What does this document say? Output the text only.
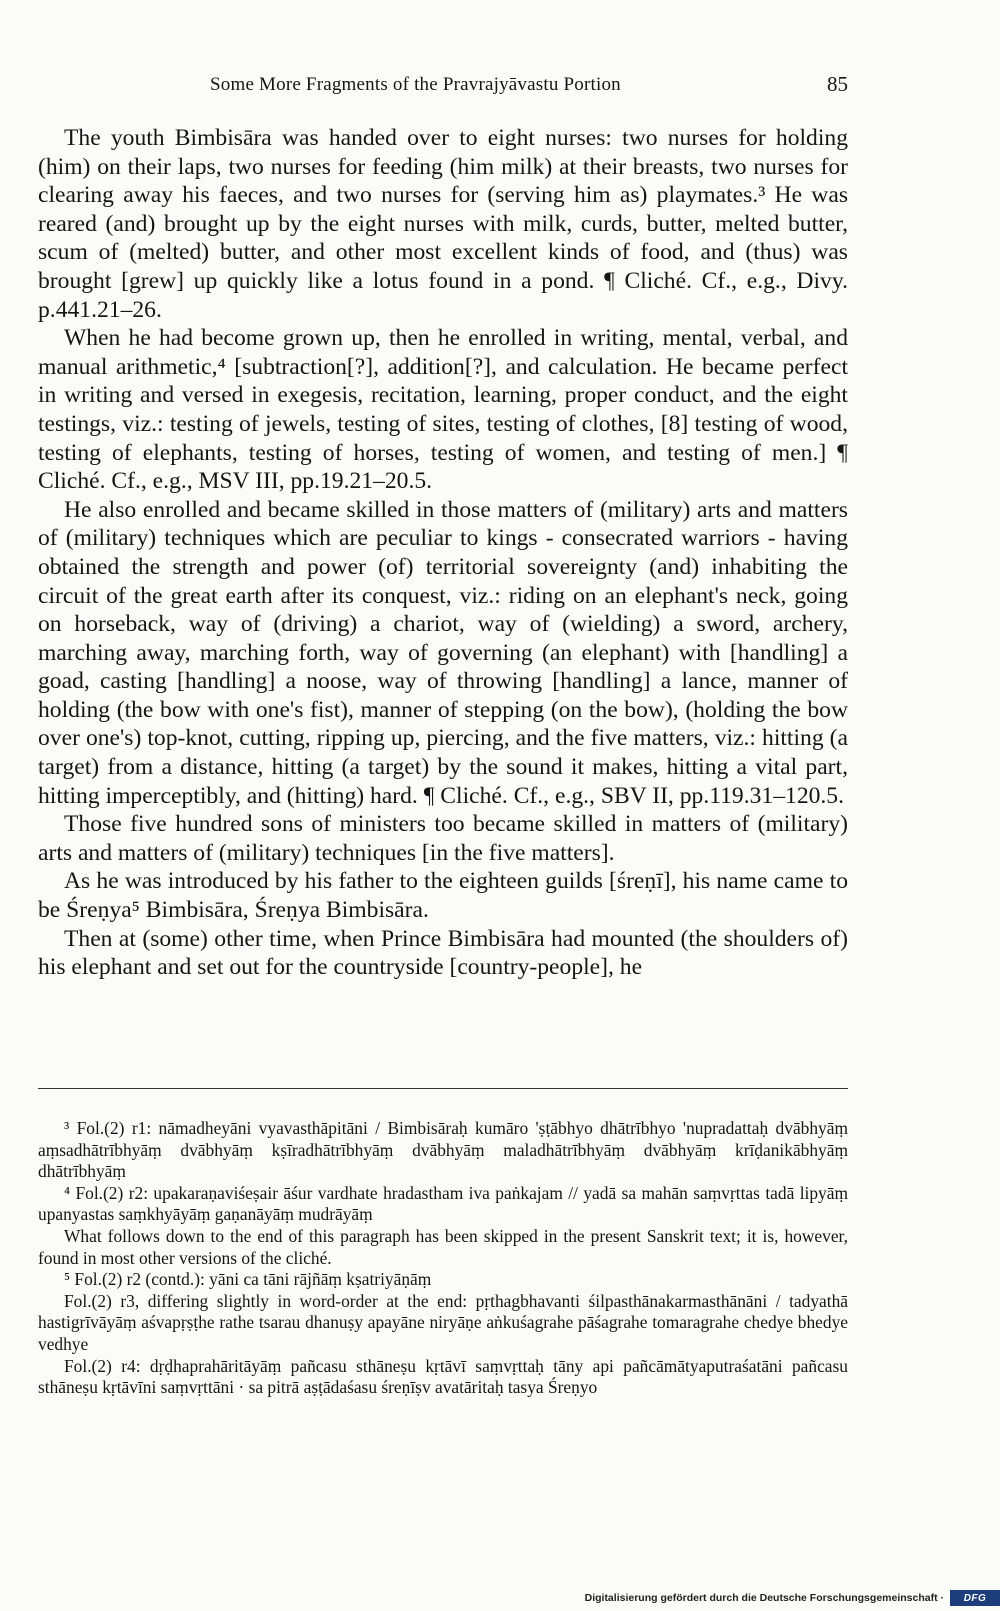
Some More Fragments of the Pravrajyāvastu Portion	85

The youth Bimbisāra was handed over to eight nurses: two nurses for holding (him) on their laps, two nurses for feeding (him milk) at their breasts, two nurses for clearing away his faeces, and two nurses for (serving him as) playmates.³ He was reared (and) brought up by the eight nurses with milk, curds, butter, melted butter, scum of (melted) butter, and other most excellent kinds of food, and (thus) was brought [grew] up quickly like a lotus found in a pond. ¶ Cliché. Cf., e.g., Divy. p.441.21–26.

When he had become grown up, then he enrolled in writing, mental, verbal, and manual arithmetic,⁴ [subtraction[?], addition[?], and calculation. He became perfect in writing and versed in exegesis, recitation, learning, proper conduct, and the eight testings, viz.: testing of jewels, testing of sites, testing of clothes, [8] testing of wood, testing of elephants, testing of horses, testing of women, and testing of men.] ¶ Cliché. Cf., e.g., MSV III, pp.19.21–20.5.

He also enrolled and became skilled in those matters of (military) arts and matters of (military) techniques which are peculiar to kings - consecrated warriors - having obtained the strength and power (of) territorial sovereignty (and) inhabiting the circuit of the great earth after its conquest, viz.: riding on an elephant's neck, going on horseback, way of (driving) a chariot, way of (wielding) a sword, archery, marching away, marching forth, way of governing (an elephant) with [handling] a goad, casting [handling] a noose, way of throwing [handling] a lance, manner of holding (the bow with one's fist), manner of stepping (on the bow), (holding the bow over one's) top-knot, cutting, ripping up, piercing, and the five matters, viz.: hitting (a target) from a distance, hitting (a target) by the sound it makes, hitting a vital part, hitting imperceptibly, and (hitting) hard. ¶ Cliché. Cf., e.g., SBV II, pp.119.31–120.5.

Those five hundred sons of ministers too became skilled in matters of (military) arts and matters of (military) techniques [in the five matters].

As he was introduced by his father to the eighteen guilds [śreṇī], his name came to be Śreṇya⁵ Bimbisāra, Śreṇya Bimbisāra.

Then at (some) other time, when Prince Bimbisāra had mounted (the shoulders of) his elephant and set out for the countryside [country-people], he

³ Fol.(2) r1: nāmadheyāni vyavasthāpitāni / Bimbisāraḥ kumāro 'ṣṭābhyo dhātrībhyo 'nupradattaḥ dvābhyāṃ aṃsadhātrībhyāṃ dvābhyāṃ kṣīradhātrībhyāṃ dvābhyāṃ maladhātrībhyāṃ dvābhyāṃ krīḍanikābhyāṃ dhātrībhyāṃ

⁴ Fol.(2) r2: upakaraṇaviśeṣair āśur vardhate hradastham iva paṅkajam // yadā sa mahān saṃvṛttas tadā lipyāṃ upanyastas saṃkhyāyāṃ gaṇanāyāṃ mudrāyāṃ

What follows down to the end of this paragraph has been skipped in the present Sanskrit text; it is, however, found in most other versions of the cliché.

⁵ Fol.(2) r2 (contd.): yāni ca tāni rājñāṃ kṣatriyāṇāṃ

Fol.(2) r3, differing slightly in word-order at the end: pṛthagbhavanti śilpasthānakarmasthānāni / tadyathā hastigrīvāyāṃ aśvapṛṣṭhe rathe tsarau dhanuṣy apayāne niryāṇe aṅkuśagrahe pāśagrahe tomaragrahe chedye bhedye vedhye

Fol.(2) r4: dṛḍhaprahāritāyāṃ pañcasu sthāneṣu kṛtāvī saṃvṛttaḥ tāny api pañcāmātyaputraśatāni pañcasu sthāneṣu kṛtāvīni saṃvṛttāni · sa pitrā aṣṭādaśasu śreṇīṣv avatāritaḥ tasya Śreṇyo

Digitalisierung gefördert durch die Deutsche Forschungsgemeinschaft ·	DFG
